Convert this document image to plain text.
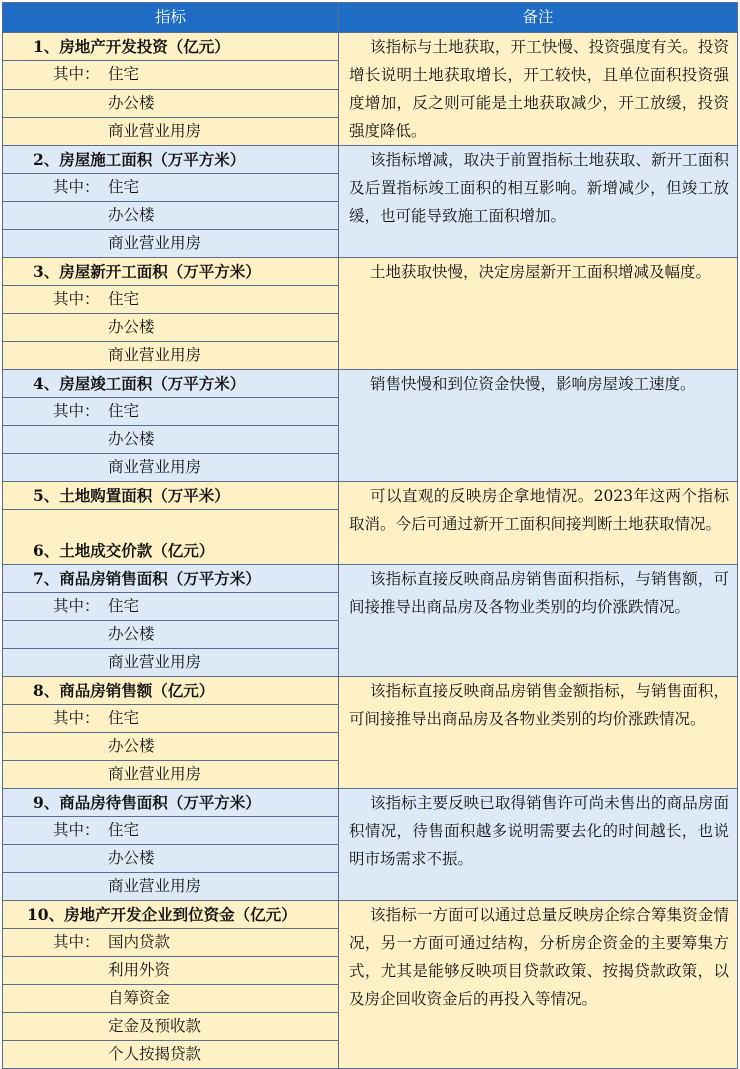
指标	备注
1、房地产开发投资（亿元）	该指标与土地获取，开工快慢、投资强度有关。投资增长说明土地获取增长，开工较快，且单位面积投资强度增加，反之则可能是土地获取减少，开工放缓，投资强度降低。
其中： 住宅	
办公楼	
商业营业用房	
2、房屋施工面积（万平方米）	该指标增减，取决于前置指标土地获取、新开工面积及后置指标竣工面积的相互影响。新增减少，但竣工放缓，也可能导致施工面积增加。
其中： 住宅	
办公楼	
商业营业用房	
3、房屋新开工面积（万平方米）	土地获取快慢，决定房屋新开工面积增减及幅度。
其中： 住宅	
办公楼	
商业营业用房	
4、房屋竣工面积（万平方米）	销售快慢和到位资金快慢，影响房屋竣工速度。
其中： 住宅	
办公楼	
商业营业用房	
5、土地购置面积（万平米）	可以直观的反映房企拿地情况。2023年这两个指标取消。今后可通过新开工面积间接判断土地获取情况。
6、土地成交价款（亿元）	
7、商品房销售面积（万平方米）	该指标直接反映商品房销售面积指标，与销售额，可间接推导出商品房及各物业类别的均价涨跌情况。
其中： 住宅	
办公楼	
商业营业用房	
8、商品房销售额（亿元）	该指标直接反映商品房销售金额指标，与销售面积，可间接推导出商品房及各物业类别的均价涨跌情况。
其中： 住宅	
办公楼	
商业营业用房	
9、商品房待售面积（万平方米）	该指标主要反映已取得销售许可尚未售出的商品房面积情况，待售面积越多说明需要去化的时间越长，也说明市场需求不振。
其中： 住宅	
办公楼	
商业营业用房	
10、房地产开发企业到位资金（亿元）	该指标一方面可以通过总量反映房企综合筹集资金情况，另一方面可通过结构，分析房企资金的主要筹集方式，尤其是能够反映项目贷款政策、按揭贷款政策，以及房企回收资金后的再投入等情况。
其中： 国内贷款	
利用外资	
自筹资金	
定金及预收款	
个人按揭贷款	
